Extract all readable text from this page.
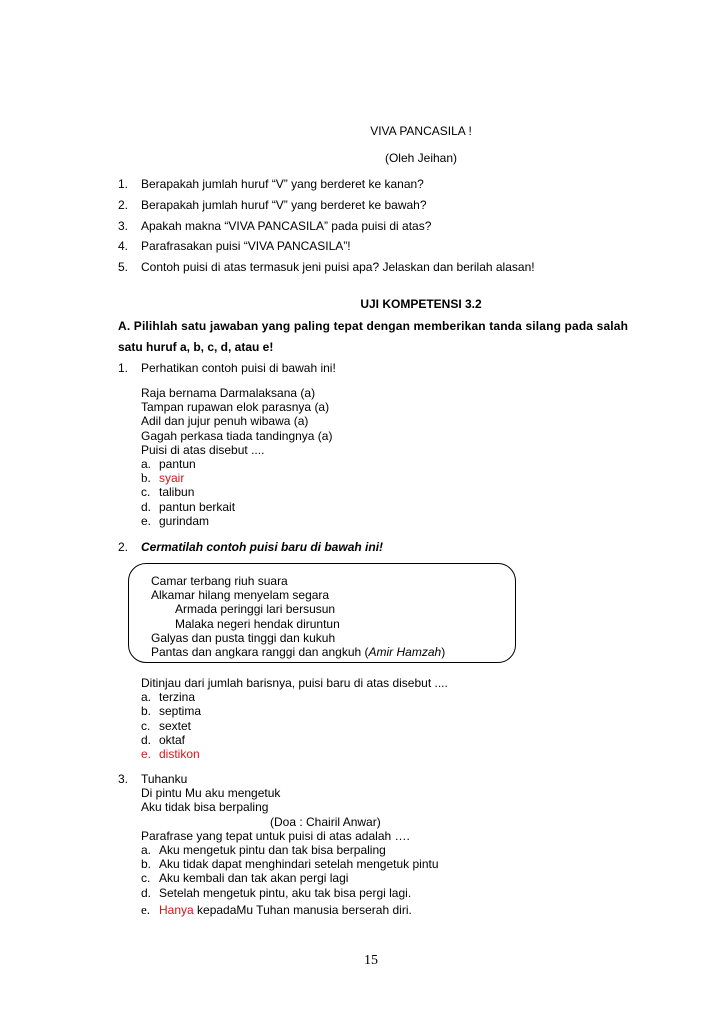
VIVA PANCASILA !
(Oleh Jeihan)
1. Berapakah jumlah huruf “V” yang berderet ke kanan?
2. Berapakah jumlah huruf “V” yang berderet ke bawah?
3. Apakah makna “VIVA PANCASILA” pada puisi di atas?
4. Parafrasakan puisi “VIVA PANCASILA”!
5. Contoh puisi di atas termasuk jeni puisi apa? Jelaskan dan berilah alasan!
UJI KOMPETENSI 3.2
A. Pilihlah satu jawaban yang paling tepat dengan memberikan tanda silang pada salah
satu huruf a, b, c, d, atau e!
1. Perhatikan contoh puisi di bawah ini!
Raja bernama Darmalaksana (a)
Tampan rupawan elok parasnya (a)
Adil dan jujur penuh wibawa (a)
Gagah perkasa tiada tandingnya (a)
Puisi di atas disebut ....
a. pantun
b. syair
c. talibun
d. pantun berkait
e. gurindam
2. Cermatilah contoh puisi baru di bawah ini!
Camar terbang riuh suara
Alkamar hilang menyelam segara
Armada peringgi lari bersusun
Malaka negeri hendak diruntun
Galyas dan pusta tinggi dan kukuh
Pantas dan angkara ranggi dan angkuh (Amir Hamzah)
Ditinjau dari jumlah barisnya, puisi baru di atas disebut ....
a. terzina
b. septima
c. sextet
d. oktaf
e. distikon
3. Tuhanku
Di pintu Mu aku mengetuk
Aku tidak bisa berpaling
(Doa : Chairil Anwar)
Parafrase yang tepat untuk puisi di atas adalah ….
a. Aku mengetuk pintu dan tak bisa berpaling
b. Aku tidak dapat menghindari setelah mengetuk pintu
c. Aku kembali dan tak akan pergi lagi
d. Setelah mengetuk pintu, aku tak bisa pergi lagi.
e. Hanya kepadaMu Tuhan manusia berserah diri.
15
